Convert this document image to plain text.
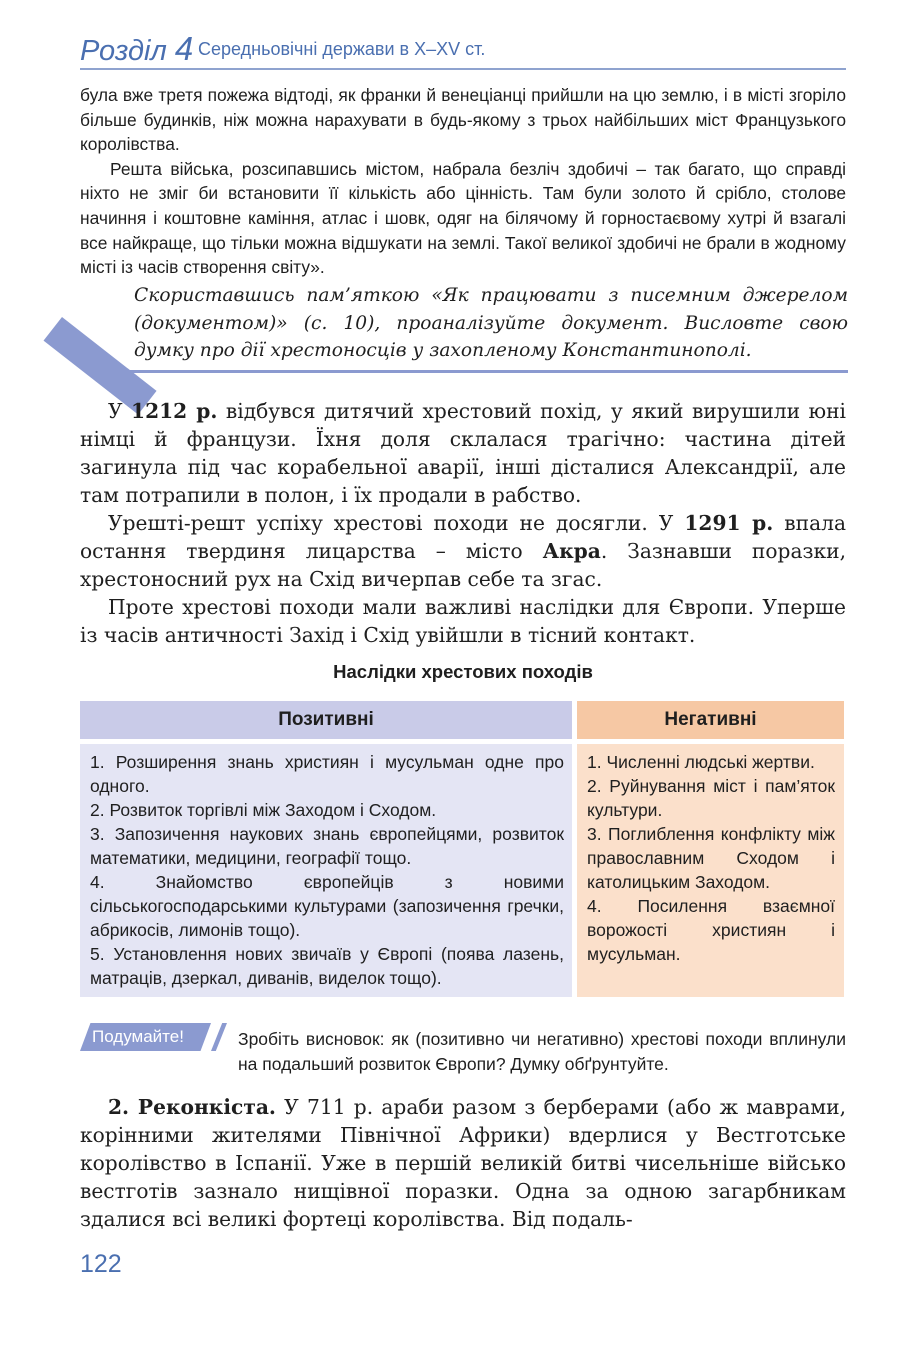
Розділ 4 Середньовічні держави в Х–ХV ст.

була вже третя пожежа відтоді, як франки й венеціанці прийшли на цю землю, і в місті згоріло більше будинків, ніж можна нарахувати в будь-якому з трьох найбільших міст Французького королівства.

Решта війська, розсипавшись містом, набрала безліч здобичі – так багато, що справді ніхто не зміг би встановити її кількість або цінність. Там були золото й срібло, столове начиння і коштовне каміння, атлас і шовк, одяг на білячому й горностаєвому хутрі й взагалі все найкраще, що тільки можна відшукати на землі. Такої великої здобичі не брали в жодному місті із часів створення світу».

Скориставшись пам’яткою «Як працювати з писемним джерелом (документом)» (с. 10), проаналізуйте документ. Висловте свою думку про дії хрестоносців у захопленому Константинополі.

У 1212 р. відбувся дитячий хрестовий похід, у який вирушили юні німці й французи. Їхня доля склалася трагічно: частина дітей загинула під час корабельної аварії, інші дісталися Александрії, але там потрапили в полон, і їх продали в рабство.

Урешті-решт успіху хрестові походи не досягли. У 1291 р. впала остання твердиня лицарства – місто Акра. Зазнавши поразки, хрестоносний рух на Схід вичерпав себе та згас.

Проте хрестові походи мали важливі наслідки для Європи. Уперше із часів античності Захід і Схід увійшли в тісний контакт.

Наслідки хрестових походів
Позитивні	Негативні
1. Розширення знань християн і мусульман одне про одного.
2. Розвиток торгівлі між Заходом і Сходом.
3. Запозичення наукових знань європейцями, розвиток математики, медицини, географії тощо.
4. Знайомство європейців з новими сільськогосподарськими культурами (запозичення гречки, абрикосів, лимонів тощо).
5. Установлення нових звичаїв у Європі (поява лазень, матраців, дзеркал, диванів, виделок тощо).
1. Численні людські жертви.
2. Руйнування міст і пам’яток культури.
3. Поглиблення конфлікту між православним Сходом і католицьким Заходом.
4. Посилення взаємної ворожості християн і мусульман.
Подумайте!	Зробіть висновок: як (позитивно чи негативно) хрестові походи вплинули на подальший розвиток Європи? Думку обґрунтуйте.

2. Реконкіста. У 711 р. араби разом з берберами (або ж маврами, корінними жителями Північної Африки) вдерлися у Вестготське королівство в Іспанії. Уже в першій великій битві чисельніше військо вестготів зазнало нищівної поразки. Одна за одною загарбникам здалися всі великі фортеці королівства. Від подаль-

122
